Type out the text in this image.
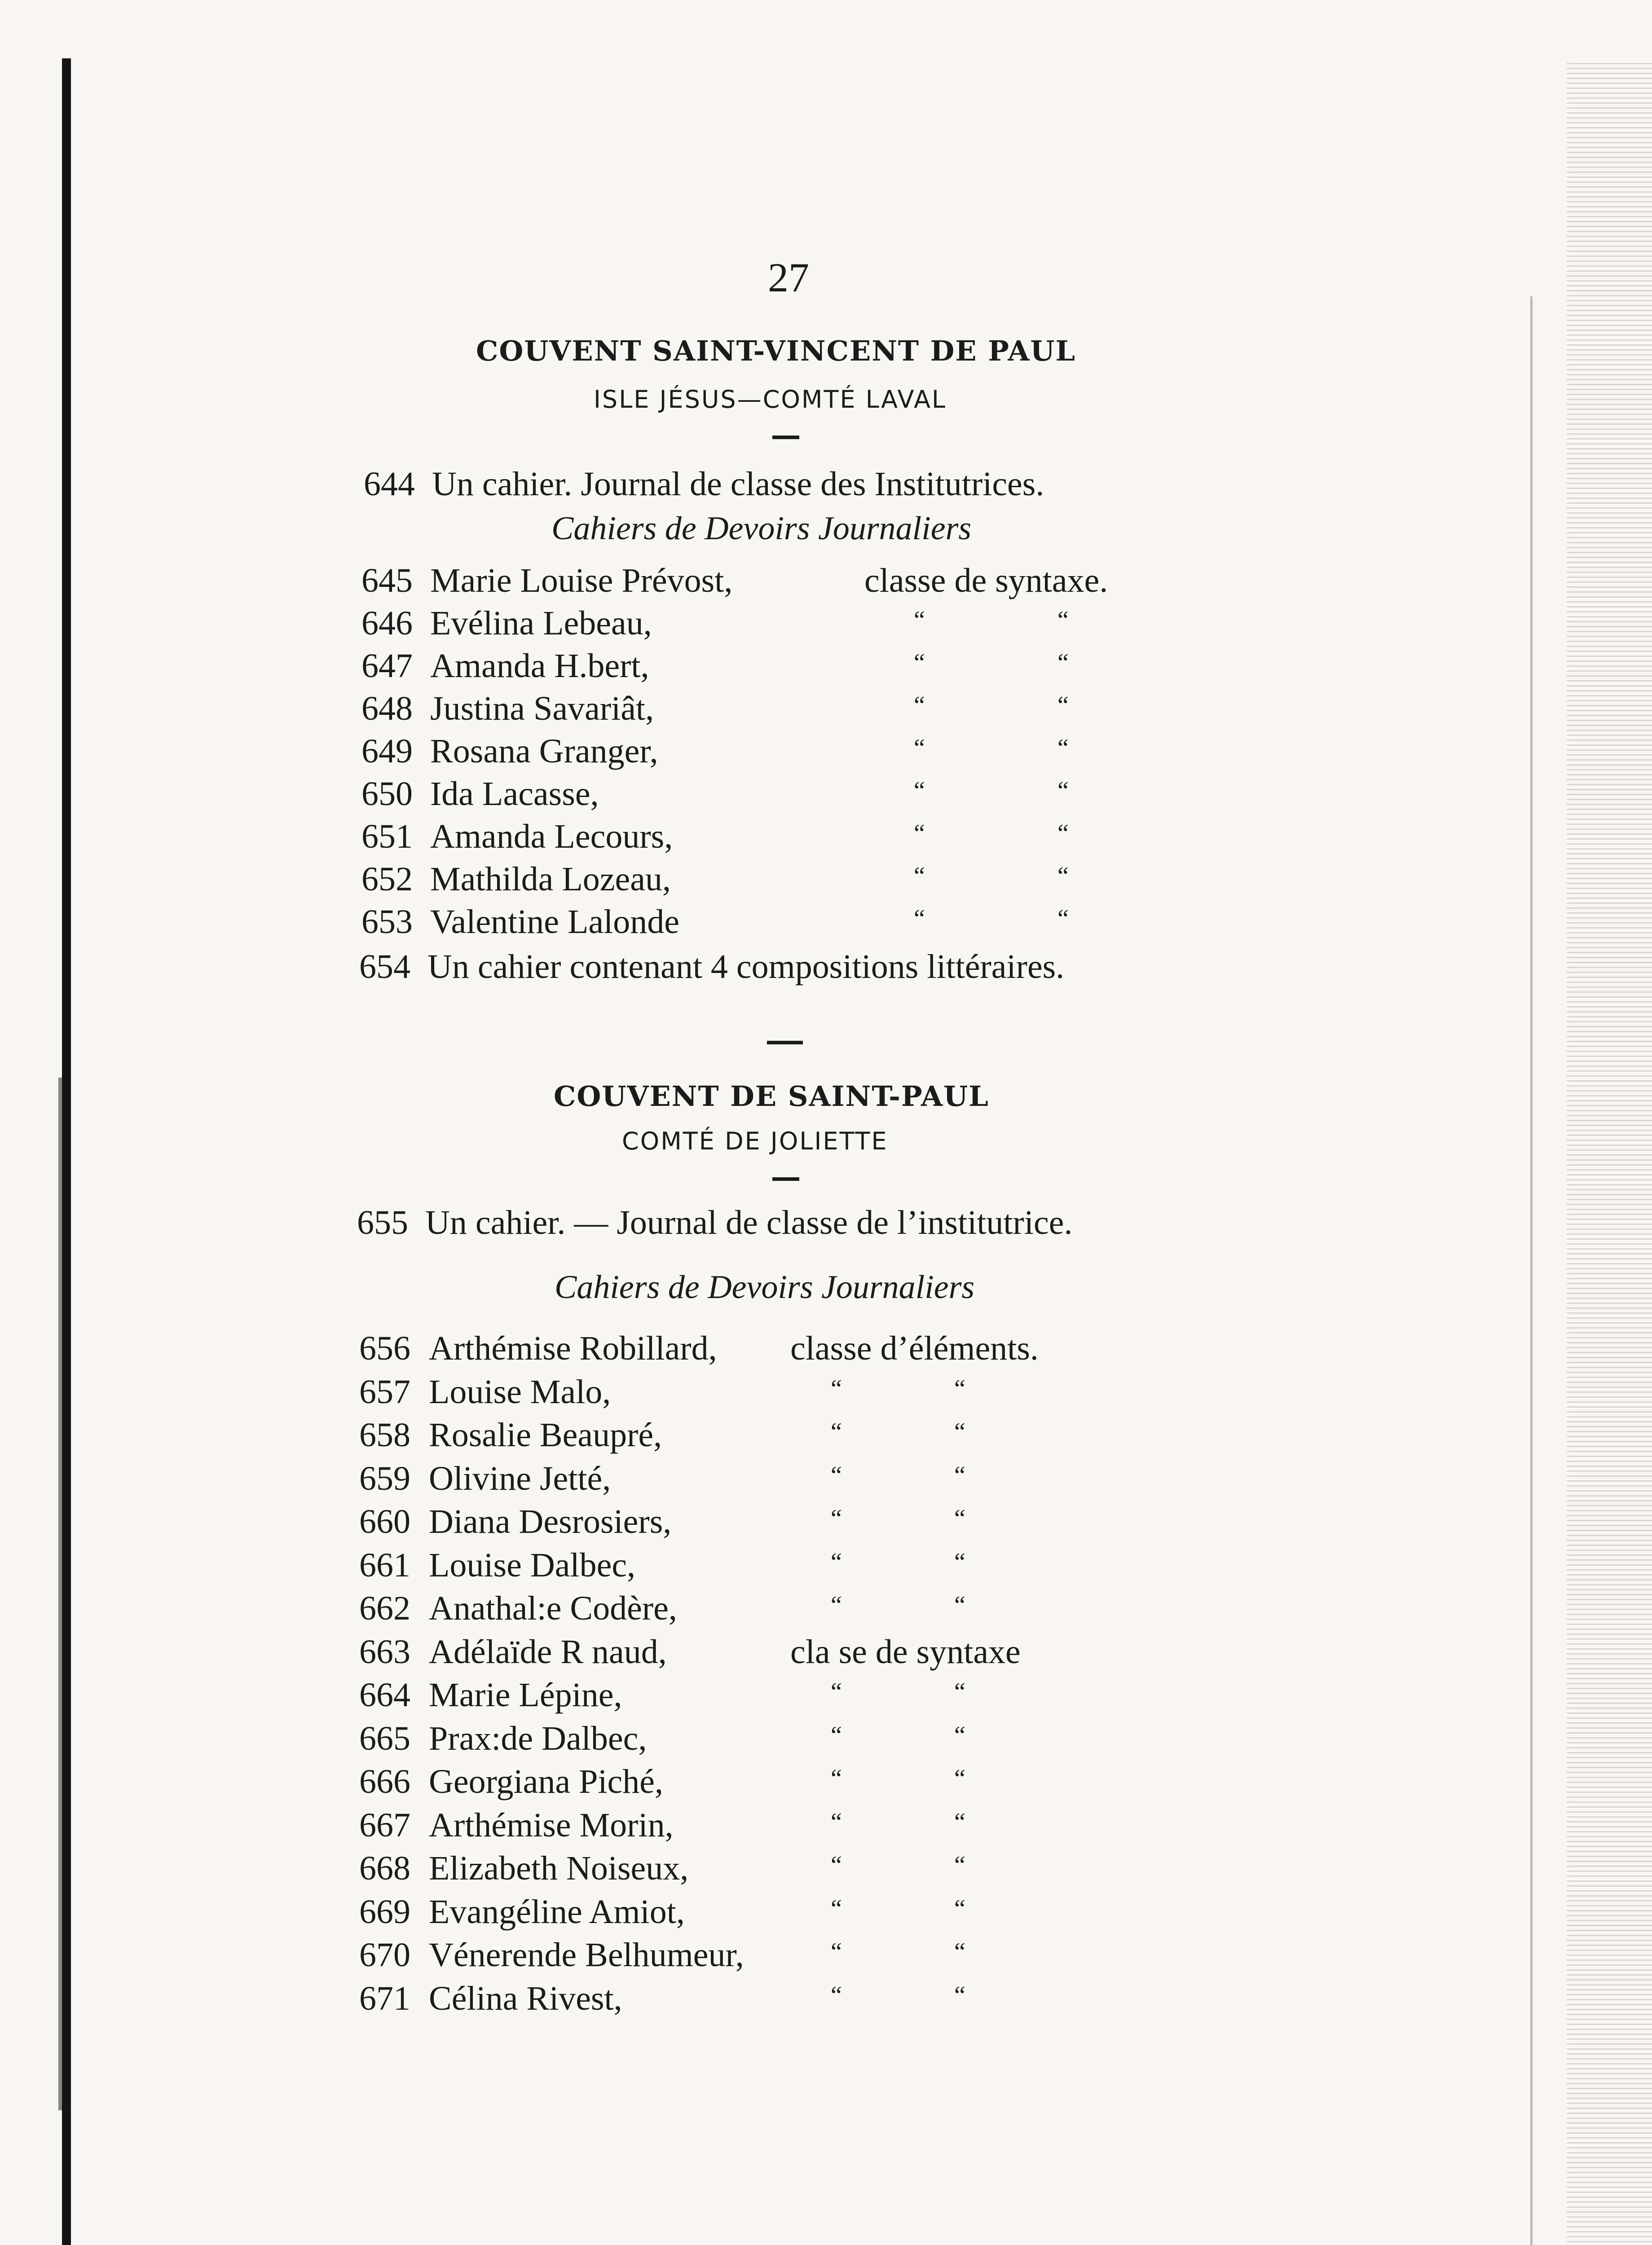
27
COUVENT SAINT-VINCENT DE PAUL
ISLE JÉSUS—COMTÉ LAVAL
644 Un cahier. Journal de classe des Institutrices.
Cahiers de Devoirs Journaliers
645 Marie Louise Prévost,	classe de syntaxe.
646 Evélina Lebeau,	“	“
647 Amanda H.bert,	“	“
648 Justina Savariât,	“	“
649 Rosana Granger,	“	“
650 Ida Lacasse,	“	“
651 Amanda Lecours,	“	“
652 Mathilda Lozeau,	“	“
653 Valentine Lalonde	“	“
654 Un cahier contenant 4 compositions littéraires.
COUVENT DE SAINT-PAUL
COMTÉ DE JOLIETTE
655 Un cahier. — Journal de classe de l’institutrice.
Cahiers de Devoirs Journaliers
656 Arthémise Robillard, classe d’éléments.
657 Louise Malo,	“	“
658 Rosalie Beaupré,	“	“
659 Olivine Jetté,	“	“
660 Diana Desrosiers,	“	“
661 Louise Dalbec,	“	“
662 Anathal:e Codère,	“	“
663 Adélaïde R naud,	cla se de syntaxe
664 Marie Lépine,	“	“
665 Prax:de Dalbec,	“	“
666 Georgiana Piché,	“	“
667 Arthémise Morin,	“	“
668 Elizabeth Noiseux,	“	“
669 Evangéline Amiot,	“	“
670 Vénerende Belhumeur,	“	“
671 Célina Rivest,	“	“
